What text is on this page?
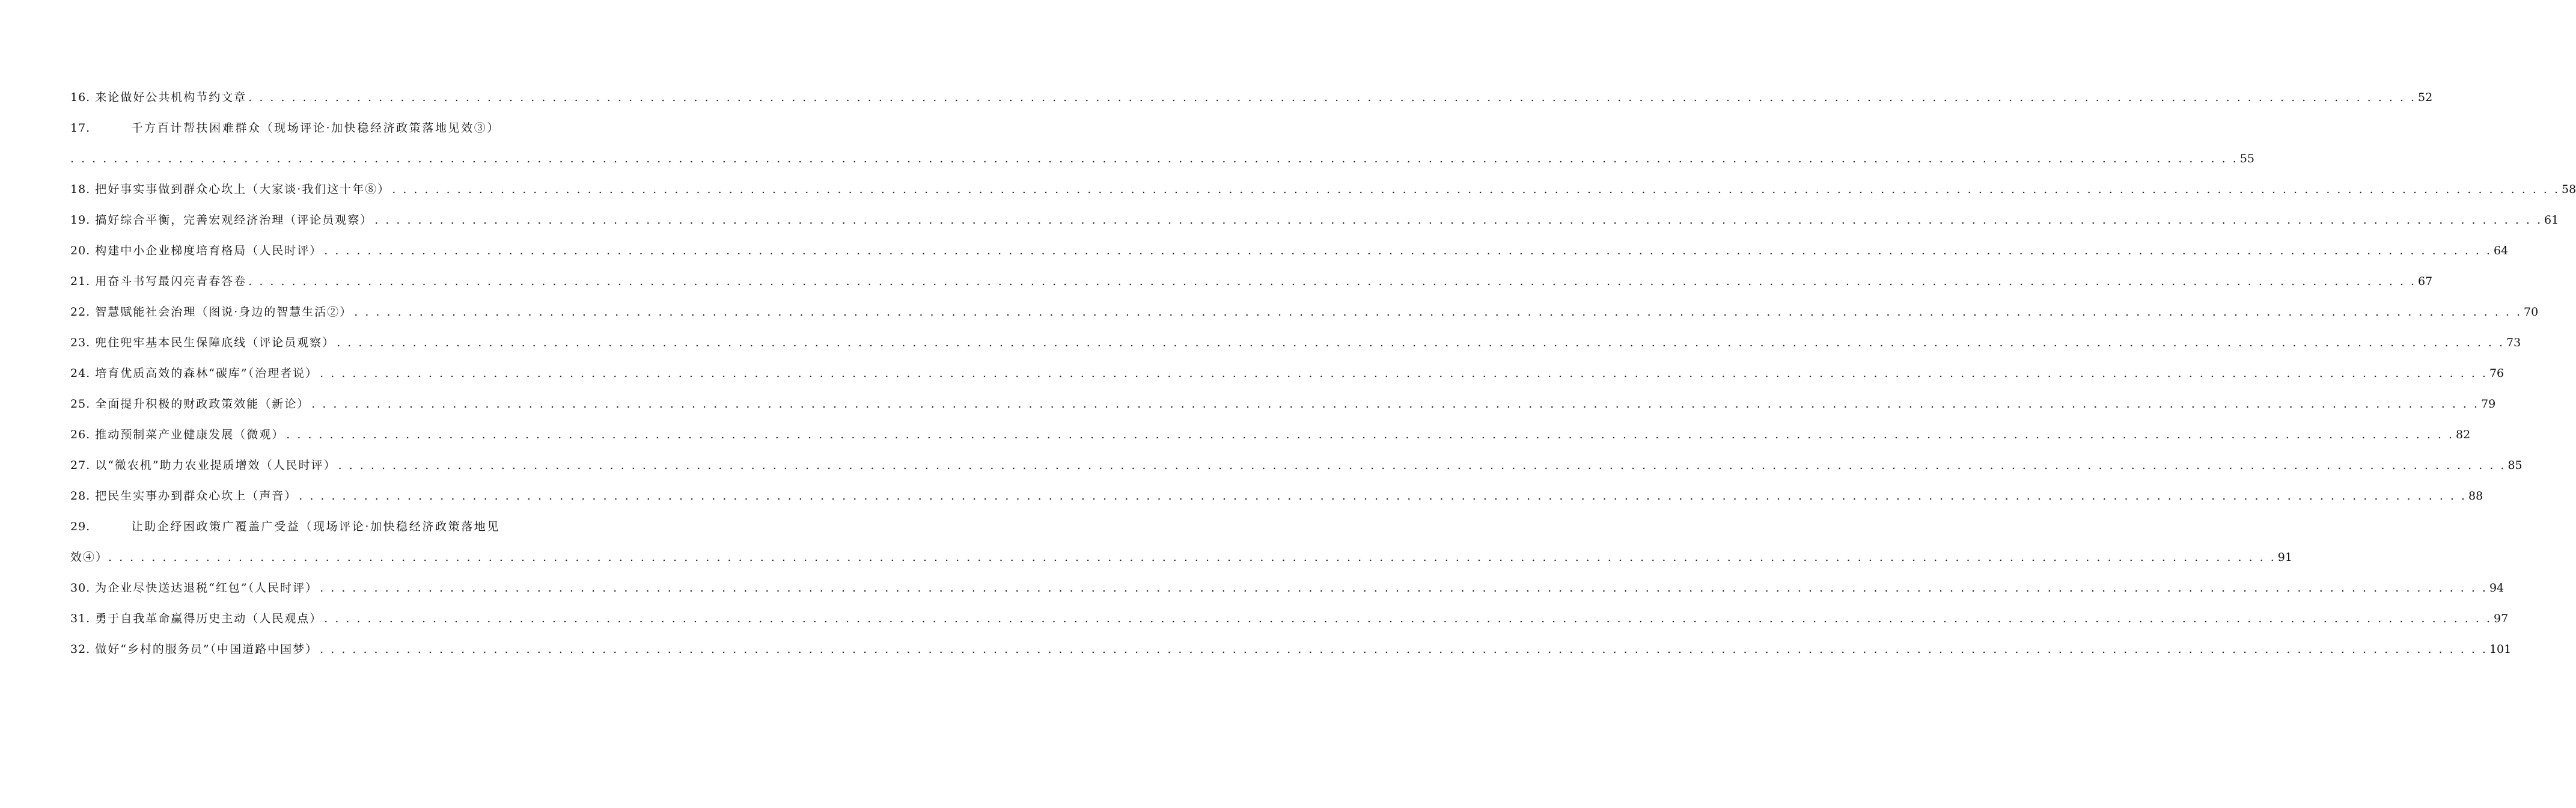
16. 来论做好公共机构节约文章 . . . . . . . . . . . . . . . . . . . . . . . . . . . . . . . . . . . . . . . . . . . . . . . . . . . . . . . . . . . . . . . . . . . . . . . . . . . . . . . . . . . . . . . . . . . . . . . . . . . . . . . . . . . . . . . . . . . . . . . . . . . . . . . . . . . . . . . . . . . . . . . . . . . . . . . . . . . . . . . . . . . . . . . . . . . . . . . . . . . . . . . . . . . . . . . . . . . . . . . . 52
17.	千方百计帮扶困难群众（现场评论·加快稳经济政策落地见效③）
. . . . . . . . . . . . . . . . . . . . . . . . . . . . . . . . . . . . . . . . . . . . . . . . . . . . . . . . . . . . . . . . . . . . . . . . . . . . . . . . . . . . . . . . . . . . . . . . . . . . . . . . . . . . . . . . . . . . . . . . . . . . . . . . . . . . . . . . . . . . . . . . . . . . . . . . . . . . . . . . . . . . . . . . . . . . . . . . . . . . . . . . . . . . . . . . . . . . . . . . 55
18. 把好事实事做到群众心坎上（大家谈·我们这十年⑧） . . . . . . . . . . . . . . . . . . . . . . . . . . . . . . . . . . . . . . . . . . . . . . . . . . . . . . . . . . . . . . . . . . . . . . . . . . . . . . . . . . . . . . . . . . . . . . . . . . . . . . . . . . . . . . . . . . . . . . . . . . . . . . . . . . . . . . . . . . . . . . . . . . . . . . . . . . . . . . . . . . . . . . . . . . . . . . . . . . . . . . . . . . . . . . . . . . . . . . . . 58
19. 搞好综合平衡，完善宏观经济治理（评论员观察） . . . . . . . . . . . . . . . . . . . . . . . . . . . . . . . . . . . . . . . . . . . . . . . . . . . . . . . . . . . . . . . . . . . . . . . . . . . . . . . . . . . . . . . . . . . . . . . . . . . . . . . . . . . . . . . . . . . . . . . . . . . . . . . . . . . . . . . . . . . . . . . . . . . . . . . . . . . . . . . . . . . . . . . . . . . . . . . . . . . . . . . . . . . . . . . . . . . . . . . . 61
20. 构建中小企业梯度培育格局（人民时评） . . . . . . . . . . . . . . . . . . . . . . . . . . . . . . . . . . . . . . . . . . . . . . . . . . . . . . . . . . . . . . . . . . . . . . . . . . . . . . . . . . . . . . . . . . . . . . . . . . . . . . . . . . . . . . . . . . . . . . . . . . . . . . . . . . . . . . . . . . . . . . . . . . . . . . . . . . . . . . . . . . . . . . . . . . . . . . . . . . . . . . . . . . . . . . . . . . . . . . . . 64
21. 用奋斗书写最闪亮青春答卷 . . . . . . . . . . . . . . . . . . . . . . . . . . . . . . . . . . . . . . . . . . . . . . . . . . . . . . . . . . . . . . . . . . . . . . . . . . . . . . . . . . . . . . . . . . . . . . . . . . . . . . . . . . . . . . . . . . . . . . . . . . . . . . . . . . . . . . . . . . . . . . . . . . . . . . . . . . . . . . . . . . . . . . . . . . . . . . . . . . . . . . . . . . . . . . . . . . . . . . . . 67
22. 智慧赋能社会治理（图说·身边的智慧生活②） . . . . . . . . . . . . . . . . . . . . . . . . . . . . . . . . . . . . . . . . . . . . . . . . . . . . . . . . . . . . . . . . . . . . . . . . . . . . . . . . . . . . . . . . . . . . . . . . . . . . . . . . . . . . . . . . . . . . . . . . . . . . . . . . . . . . . . . . . . . . . . . . . . . . . . . . . . . . . . . . . . . . . . . . . . . . . . . . . . . . . . . . . . . . . . . . . . . . . . . . 70
23. 兜住兜牢基本民生保障底线（评论员观察） . . . . . . . . . . . . . . . . . . . . . . . . . . . . . . . . . . . . . . . . . . . . . . . . . . . . . . . . . . . . . . . . . . . . . . . . . . . . . . . . . . . . . . . . . . . . . . . . . . . . . . . . . . . . . . . . . . . . . . . . . . . . . . . . . . . . . . . . . . . . . . . . . . . . . . . . . . . . . . . . . . . . . . . . . . . . . . . . . . . . . . . . . . . . . . . . . . . . . . . . 73
24. 培育优质高效的森林“碳库”（治理者说） . . . . . . . . . . . . . . . . . . . . . . . . . . . . . . . . . . . . . . . . . . . . . . . . . . . . . . . . . . . . . . . . . . . . . . . . . . . . . . . . . . . . . . . . . . . . . . . . . . . . . . . . . . . . . . . . . . . . . . . . . . . . . . . . . . . . . . . . . . . . . . . . . . . . . . . . . . . . . . . . . . . . . . . . . . . . . . . . . . . . . . . . . . . . . . . . . . . . . . . . 76
25. 全面提升积极的财政政策效能（新论） . . . . . . . . . . . . . . . . . . . . . . . . . . . . . . . . . . . . . . . . . . . . . . . . . . . . . . . . . . . . . . . . . . . . . . . . . . . . . . . . . . . . . . . . . . . . . . . . . . . . . . . . . . . . . . . . . . . . . . . . . . . . . . . . . . . . . . . . . . . . . . . . . . . . . . . . . . . . . . . . . . . . . . . . . . . . . . . . . . . . . . . . . . . . . . . . . . . . . . . . 79
26. 推动预制菜产业健康发展（微观） . . . . . . . . . . . . . . . . . . . . . . . . . . . . . . . . . . . . . . . . . . . . . . . . . . . . . . . . . . . . . . . . . . . . . . . . . . . . . . . . . . . . . . . . . . . . . . . . . . . . . . . . . . . . . . . . . . . . . . . . . . . . . . . . . . . . . . . . . . . . . . . . . . . . . . . . . . . . . . . . . . . . . . . . . . . . . . . . . . . . . . . . . . . . . . . . . . . . . . . . 82
27. 以“微农机”助力农业提质增效（人民时评） . . . . . . . . . . . . . . . . . . . . . . . . . . . . . . . . . . . . . . . . . . . . . . . . . . . . . . . . . . . . . . . . . . . . . . . . . . . . . . . . . . . . . . . . . . . . . . . . . . . . . . . . . . . . . . . . . . . . . . . . . . . . . . . . . . . . . . . . . . . . . . . . . . . . . . . . . . . . . . . . . . . . . . . . . . . . . . . . . . . . . . . . . . . . . . . . . . . . . . . . 85
28. 把民生实事办到群众心坎上（声音） . . . . . . . . . . . . . . . . . . . . . . . . . . . . . . . . . . . . . . . . . . . . . . . . . . . . . . . . . . . . . . . . . . . . . . . . . . . . . . . . . . . . . . . . . . . . . . . . . . . . . . . . . . . . . . . . . . . . . . . . . . . . . . . . . . . . . . . . . . . . . . . . . . . . . . . . . . . . . . . . . . . . . . . . . . . . . . . . . . . . . . . . . . . . . . . . . . . . . . . . 88
29.	让助企纾困政策广覆盖广受益（现场评论·加快稳经济政策落地见
效④） . . . . . . . . . . . . . . . . . . . . . . . . . . . . . . . . . . . . . . . . . . . . . . . . . . . . . . . . . . . . . . . . . . . . . . . . . . . . . . . . . . . . . . . . . . . . . . . . . . . . . . . . . . . . . . . . . . . . . . . . . . . . . . . . . . . . . . . . . . . . . . . . . . . . . . . . . . . . . . . . . . . . . . . . . . . . . . . . . . . . . . . . . . . . . . . . . . . . . . . . 91
30. 为企业尽快送达退税“红包”（人民时评） . . . . . . . . . . . . . . . . . . . . . . . . . . . . . . . . . . . . . . . . . . . . . . . . . . . . . . . . . . . . . . . . . . . . . . . . . . . . . . . . . . . . . . . . . . . . . . . . . . . . . . . . . . . . . . . . . . . . . . . . . . . . . . . . . . . . . . . . . . . . . . . . . . . . . . . . . . . . . . . . . . . . . . . . . . . . . . . . . . . . . . . . . . . . . . . . . . . . . . . . 94
31. 勇于自我革命赢得历史主动（人民观点） . . . . . . . . . . . . . . . . . . . . . . . . . . . . . . . . . . . . . . . . . . . . . . . . . . . . . . . . . . . . . . . . . . . . . . . . . . . . . . . . . . . . . . . . . . . . . . . . . . . . . . . . . . . . . . . . . . . . . . . . . . . . . . . . . . . . . . . . . . . . . . . . . . . . . . . . . . . . . . . . . . . . . . . . . . . . . . . . . . . . . . . . . . . . . . . . . . . . . . . . 97
32. 做好“乡村的服务员”（中国道路中国梦） . . . . . . . . . . . . . . . . . . . . . . . . . . . . . . . . . . . . . . . . . . . . . . . . . . . . . . . . . . . . . . . . . . . . . . . . . . . . . . . . . . . . . . . . . . . . . . . . . . . . . . . . . . . . . . . . . . . . . . . . . . . . . . . . . . . . . . . . . . . . . . . . . . . . . . . . . . . . . . . . . . . . . . . . . . . . . . . . . . . . . . . . . . . . . . . . . . . . . . . . 101
